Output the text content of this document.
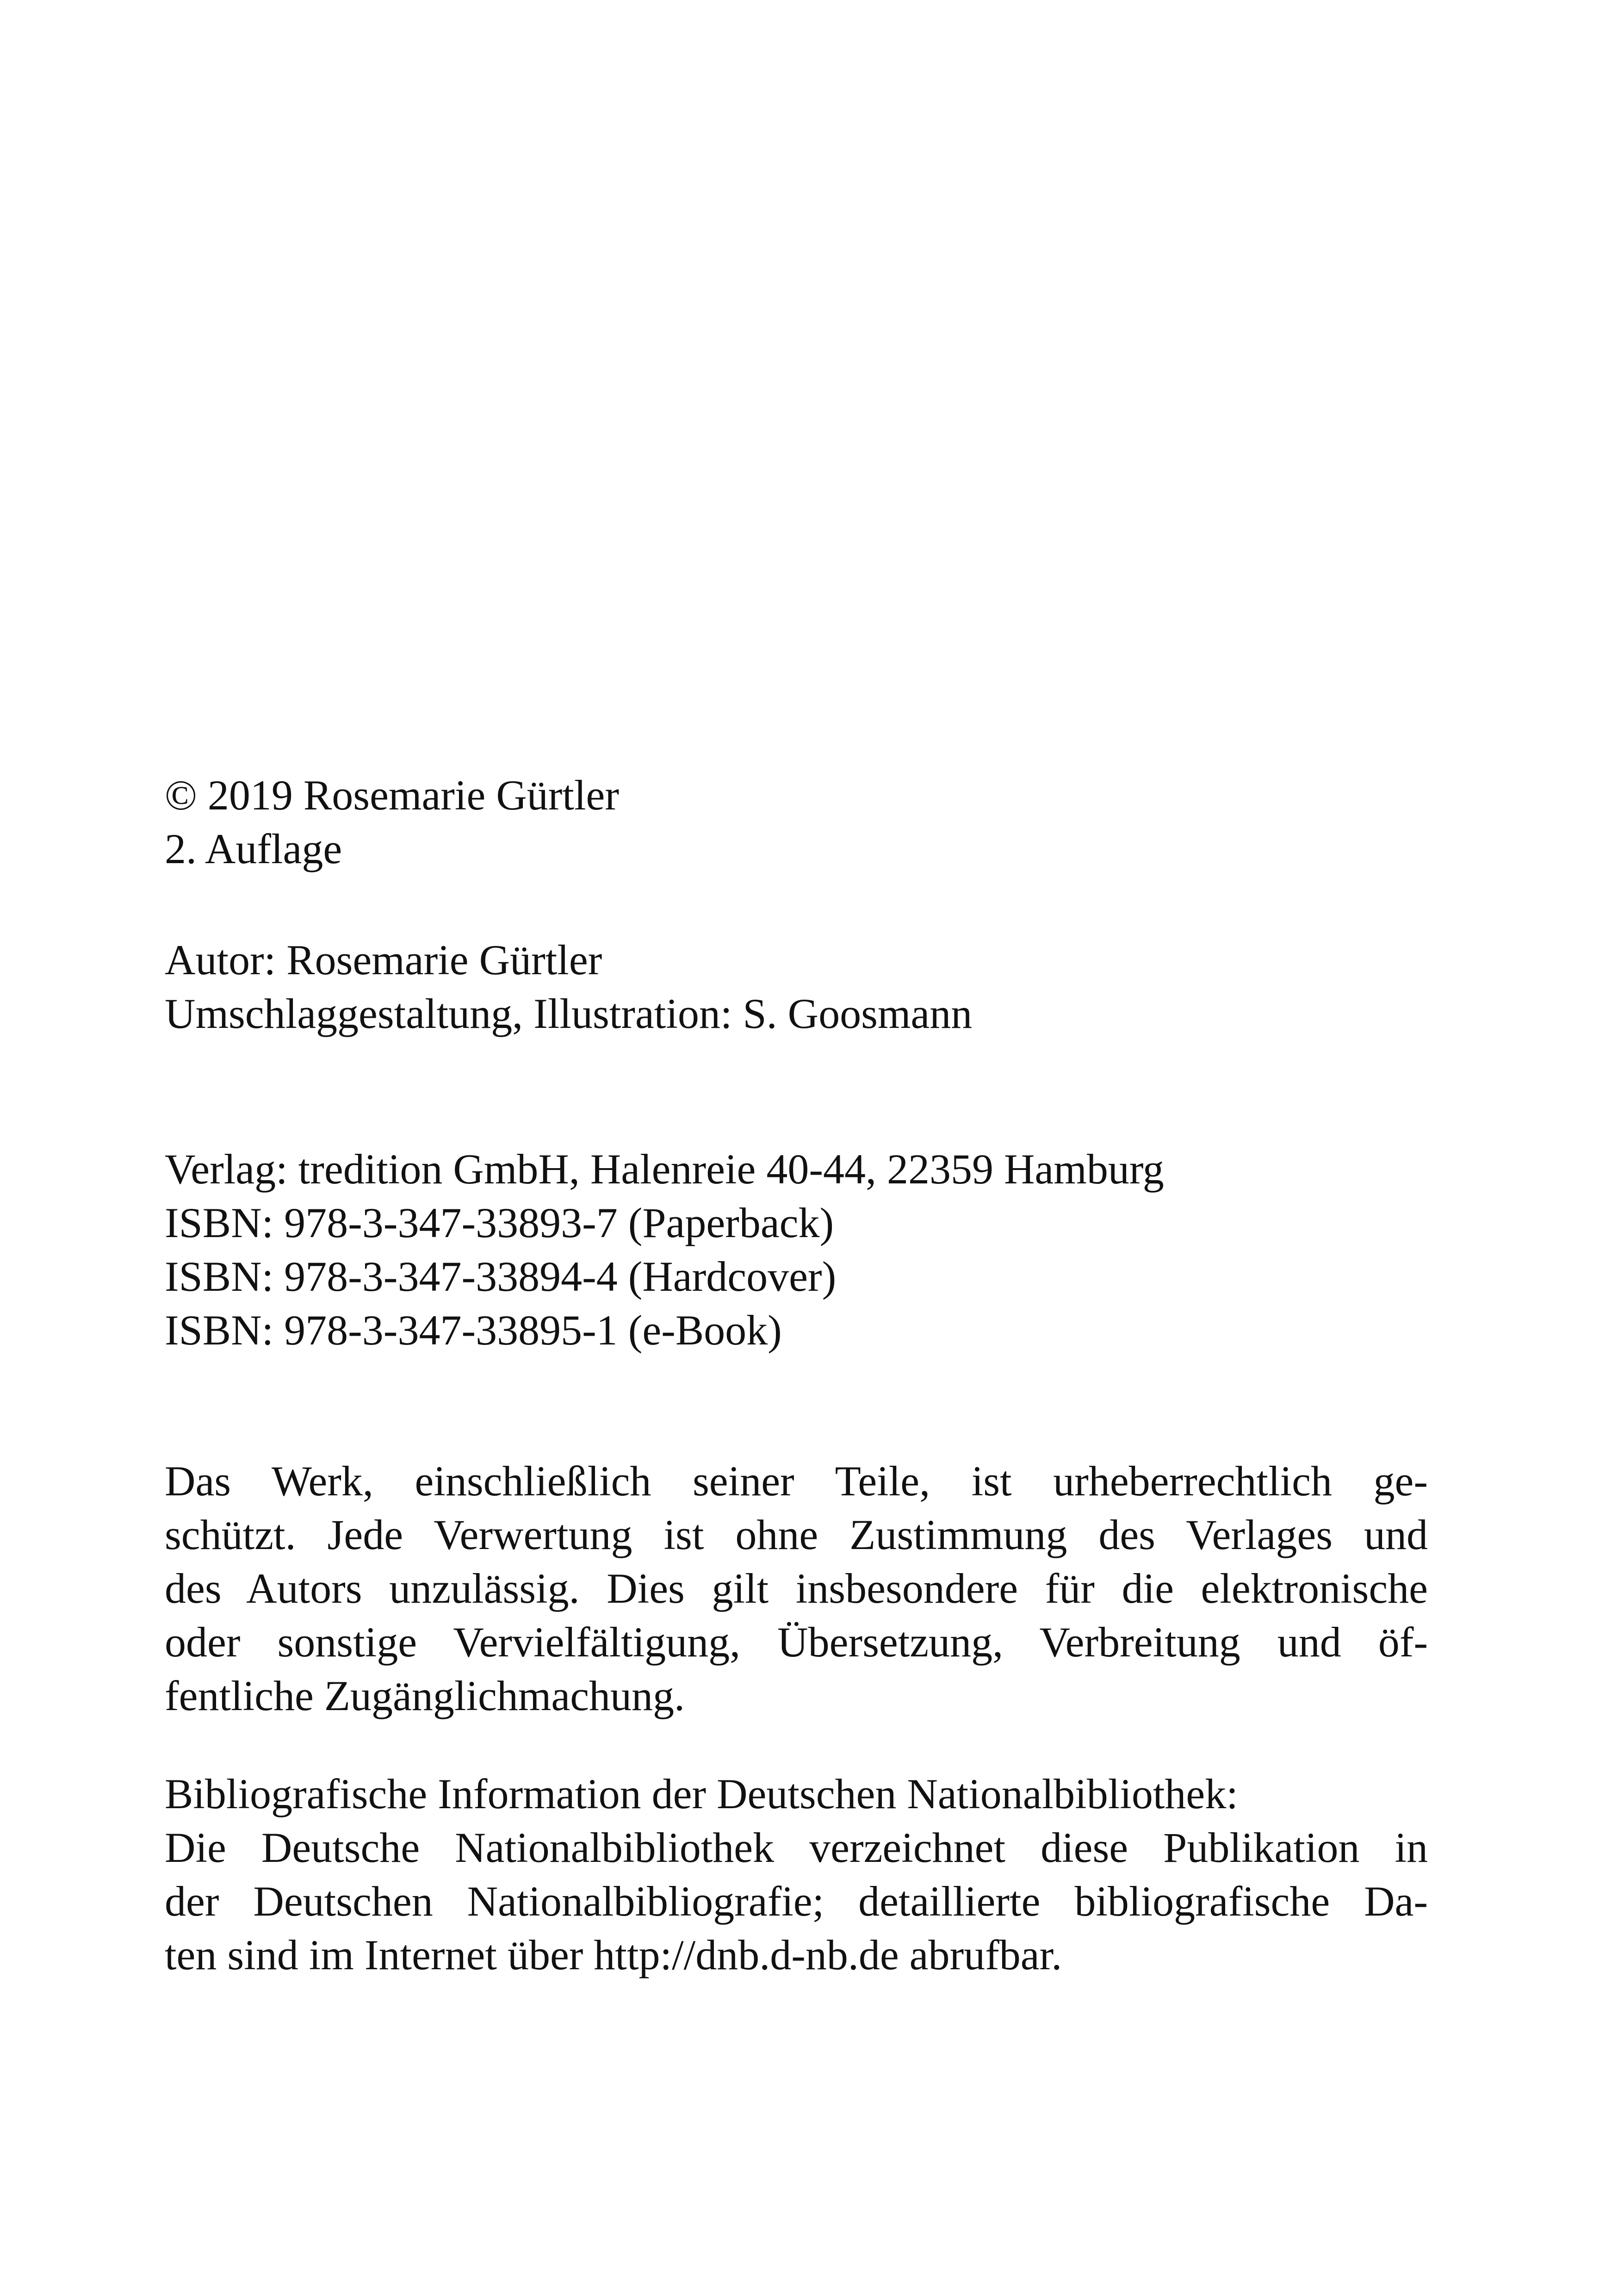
© 2019 Rosemarie Gürtler
2. Auflage
Autor: Rosemarie Gürtler
Umschlaggestaltung, Illustration: S. Goosmann
Verlag: tredition GmbH, Halenreie 40-44, 22359 Hamburg
ISBN: 978-3-347-33893-7 (Paperback)
ISBN: 978-3-347-33894-4 (Hardcover)
ISBN: 978-3-347-33895-1 (e-Book)
Das Werk, einschließlich seiner Teile, ist urheberrechtlich ge-
schützt. Jede Verwertung ist ohne Zustimmung des Verlages und
des Autors unzulässig. Dies gilt insbesondere für die elektronische
oder sonstige Vervielfältigung, Übersetzung, Verbreitung und öf-
fentliche Zugänglichmachung.
Bibliografische Information der Deutschen Nationalbibliothek:
Die Deutsche Nationalbibliothek verzeichnet diese Publikation in
der Deutschen Nationalbibliografie; detaillierte bibliografische Da-
ten sind im Internet über http://dnb.d-nb.de abrufbar.
